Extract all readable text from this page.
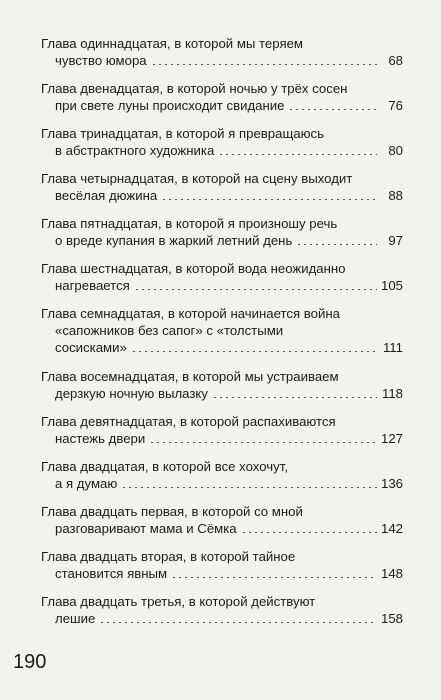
Глава одиннадцатая, в которой мы теряем
чувство юмора	68
Глава двенадцатая, в которой ночью у трёх сосен
при свете луны происходит свидание	76
Глава тринадцатая, в которой я превращаюсь
в абстрактного художника	80
Глава четырнадцатая, в которой на сцену выходит
весёлая дюжина	88
Глава пятнадцатая, в которой я произношу речь
о вреде купания в жаркий летний день	97
Глава шестнадцатая, в которой вода неожиданно
нагревается	105
Глава семнадцатая, в которой начинается война
«сапожников без сапог» с «толстыми
сосисками»	111
Глава восемнадцатая, в которой мы устраиваем
дерзкую ночную вылазку	118
Глава девятнадцатая, в которой распахиваются
настежь двери	127
Глава двадцатая, в которой все хохочут,
а я думаю	136
Глава двадцать первая, в которой со мной
разговаривают мама и Сёмка	142
Глава двадцать вторая, в которой тайное
становится явным	148
Глава двадцать третья, в которой действуют
лешие	158
190
